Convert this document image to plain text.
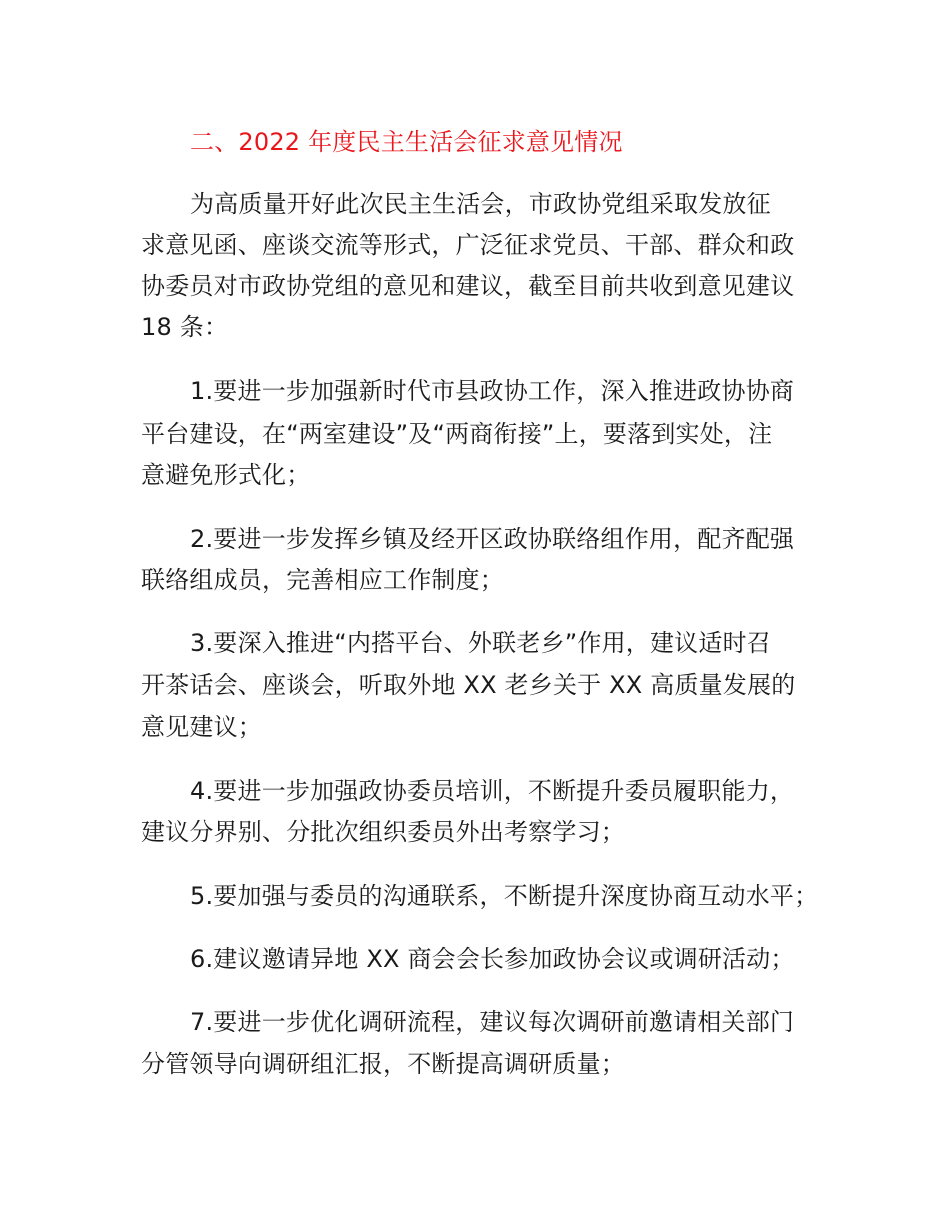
二、2022 年度民主生活会征求意见情况

为高质量开好此次民主生活会，市政协党组采取发放征

求意见函、座谈交流等形式，广泛征求党员、干部、群众和政

协委员对市政协党组的意见和建议，截至目前共收到意见建议

18 条：

1.要进一步加强新时代市县政协工作，深入推进政协协商

平台建设，在“两室建设”及“两商衔接”上，要落到实处，注

意避免形式化；

2.要进一步发挥乡镇及经开区政协联络组作用，配齐配强

联络组成员，完善相应工作制度；

3.要深入推进“内搭平台、外联老乡”作用，建议适时召

开茶话会、座谈会，听取外地 XX 老乡关于 XX 高质量发展的

意见建议；

4.要进一步加强政协委员培训，不断提升委员履职能力，

建议分界别、分批次组织委员外出考察学习；

5.要加强与委员的沟通联系，不断提升深度协商互动水平；

6.建议邀请异地 XX 商会会长参加政协会议或调研活动；

7.要进一步优化调研流程，建议每次调研前邀请相关部门

分管领导向调研组汇报，不断提高调研质量；
